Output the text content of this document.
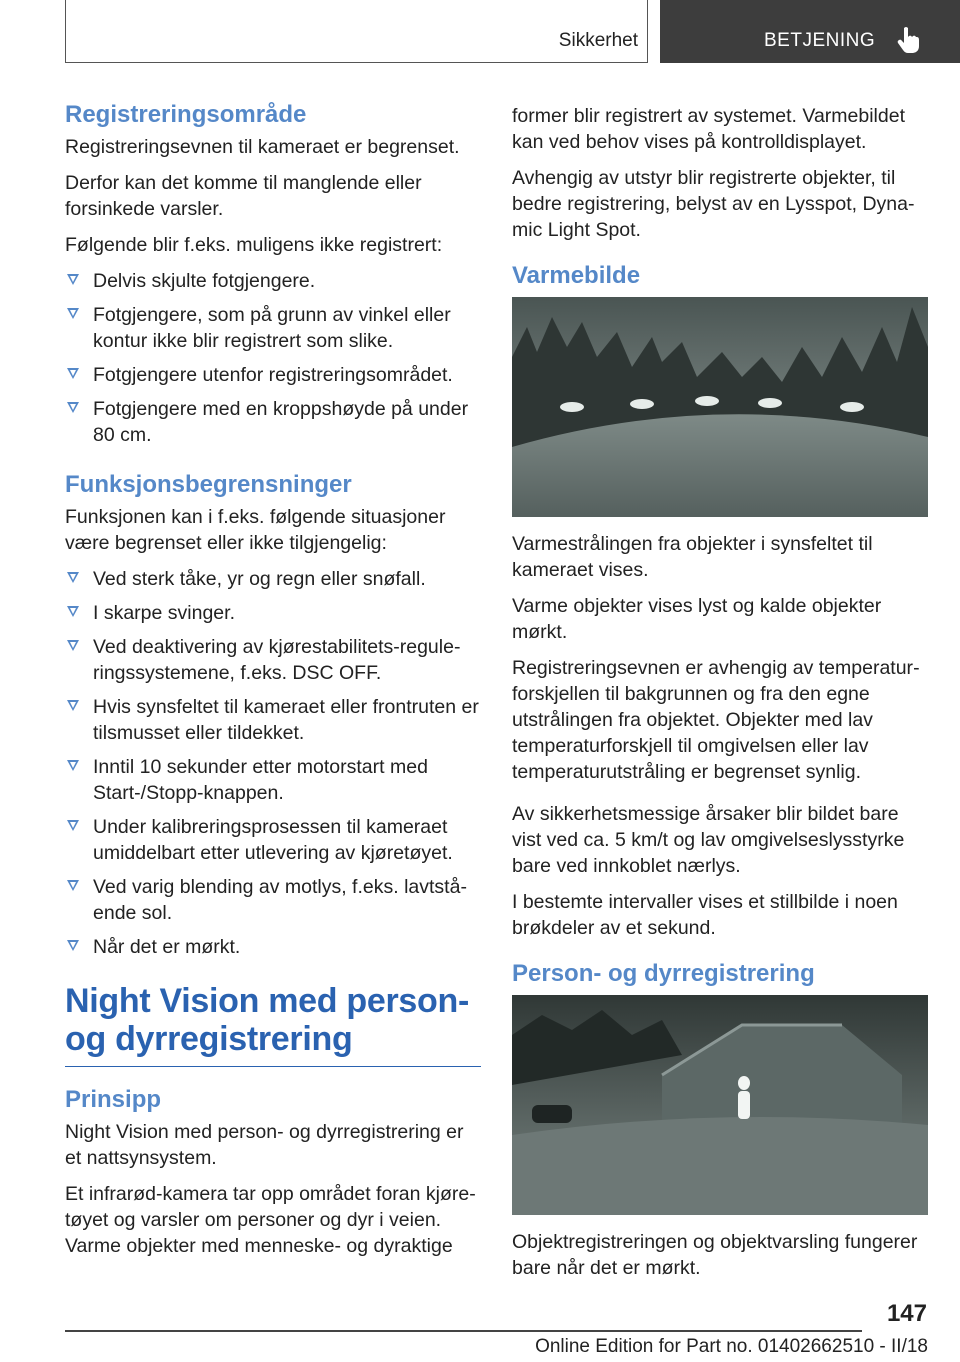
Sikkerhet	BETJENING
Registreringsområde

Registreringsevnen til kameraet er begrenset.

Derfor kan det komme til manglende eller forsinkede varsler.

Følgende blir f.eks. muligens ikke registrert:

Delvis skjulte fotgjengere.
Fotgjengere, som på grunn av vinkel eller kontur ikke blir registrert som slike.
Fotgjengere utenfor registreringsområdet.
Fotgjengere med en kroppshøyde på under 80 cm.
Funksjonsbegrensninger

Funksjonen kan i f.eks. følgende situasjoner være begrenset eller ikke tilgjengelig:

Ved sterk tåke, yr og regn eller snøfall.
I skarpe svinger.
Ved deaktivering av kjørestabilitets-reguleringssystemene, f.eks. DSC OFF.
Hvis synsfeltet til kameraet eller frontruten er tilsmusset eller tildekket.
Inntil 10 sekunder etter motorstart med Start-/Stopp-knappen.
Under kalibreringsprosessen til kameraet umiddelbart etter utlevering av kjøretøyet.
Ved varig blending av motlys, f.eks. lavtstående sol.
Når det er mørkt.
Night Vision med person-
og dyrregistrering
Prinsipp

Night Vision med person- og dyrregistrering er et nattsynsystem.

Et infrarød-kamera tar opp området foran kjøretøyet og varsler om personer og dyr i veien. Varme objekter med menneske- og dyraktige

former blir registrert av systemet. Varmebildet kan ved behov vises på kontrolldisplayet.

Avhengig av utstyr blir registrerte objekter, til bedre registrering, belyst av en Lysspot, Dynamic Light Spot.

Varmebilde

Varmestrålingen fra objekter i synsfeltet til kameraet vises.

Varme objekter vises lyst og kalde objekter mørkt.

Registreringsevnen er avhengig av temperaturforskjellen til bakgrunnen og fra den egne utstrålingen fra objektet. Objekter med lav temperaturforskjell til omgivelsen eller lav temperaturutstråling er begrenset synlig.

Av sikkerhetsmessige årsaker blir bildet bare vist ved ca. 5 km/t og lav omgivelseslysstyrke bare ved innkoblet nærlys.

I bestemte intervaller vises et stillbilde i noen brøkdeler av et sekund.

Person- og dyrregistrering

Objektregistreringen og objektvarsling fungerer bare når det er mørkt.

147
Online Edition for Part no. 01402662510 - II/18
